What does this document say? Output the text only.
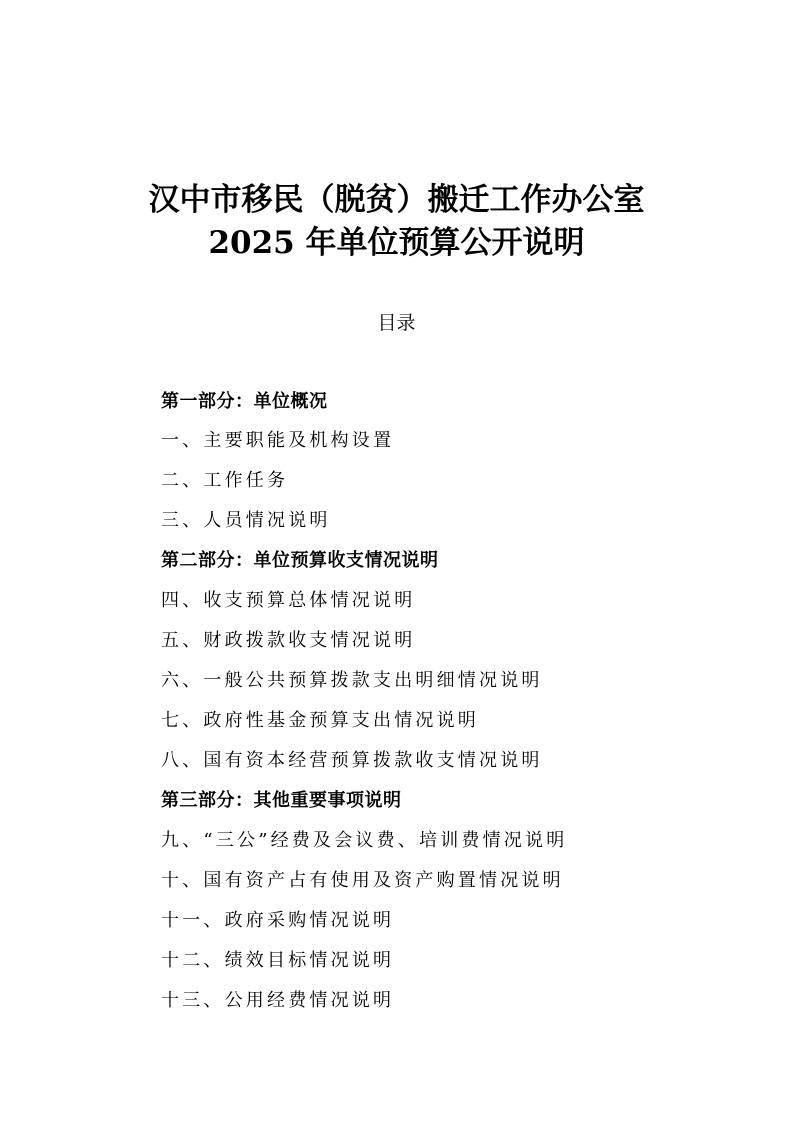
汉中市移民（脱贫）搬迁工作办公室
2025 年单位预算公开说明
目录
第一部分：单位概况
一、主要职能及机构设置
二、工作任务
三、人员情况说明
第二部分：单位预算收支情况说明
四、收支预算总体情况说明
五、财政拨款收支情况说明
六、一般公共预算拨款支出明细情况说明
七、政府性基金预算支出情况说明
八、国有资本经营预算拨款收支情况说明
第三部分：其他重要事项说明
九、“三公”经费及会议费、培训费情况说明
十、国有资产占有使用及资产购置情况说明
十一、政府采购情况说明
十二、绩效目标情况说明
十三、公用经费情况说明
